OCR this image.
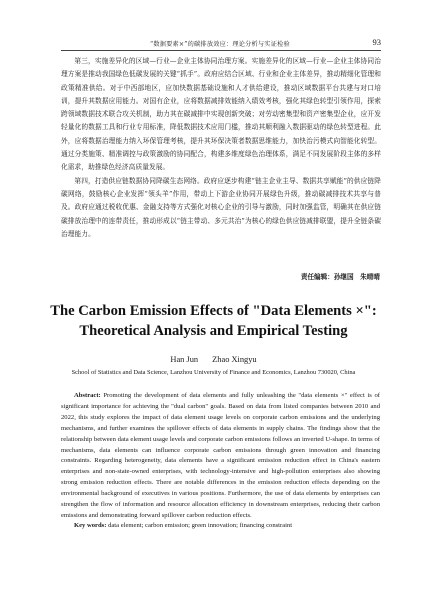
“数据要素×”的碳排放效应：理论分析与实证检验	93

第三，实施差异化的区域—行业—企业主体协同治理方案。实施差异化的区域—行业—企业主体协同治理方案是推动我国绿色低碳发展的关键“抓手”。政府应结合区域、行业和企业主体差异，推动精细化管理和政策精准供给。对于中西部地区，应加快数据基础设施和人才供给建设，推动区域数据平台共建与对口培训，提升其数据应用能力。对国有企业，应将数据减排效能纳入绩效考核，强化其绿色转型引领作用，探索跨领域数据技术联合攻关机制，助力其在碳减排中实现创新突破；对劳动密集型和资产密集型企业，应开发轻量化的数据工具和行业专用标准，降低数据技术应用门槛，推动其顺利融入数据驱动的绿色转型进程。此外，应将数据治理能力纳入环保管理考核，提升其环保决策者数据思维能力，加快治污模式向智能化转型。通过分类施策、精准调控与政策激励的协同配合，构建多维度绿色治理体系，满足不同发展阶段主体的多样化需求，助推绿色经济高质量发展。

第四，打造供应链数据协同降碳生态网络。政府应逐步构建“链主企业主导、数据共享赋能”的供应链降碳网络，鼓励核心企业发挥“领头羊”作用，带动上下游企业协同开展绿色升级，推动碳减排技术共享与普及。政府应通过税收优惠、金融支持等方式强化对核心企业的引导与激励，同时加强监管，明确其在供应链碳排放治理中的连带责任，推动形成以“链主带动、多元共治”为核心的绿色供应链减排联盟，提升全链条碳治理能力。

责任编辑：孙继国　朱晴晴
The Carbon Emission Effects of "Data Elements ×": Theoretical Analysis and Empirical Testing
Han Jun Zhao Xingyu
School of Statistics and Data Science, Lanzhou University of Finance and Economics, Lanzhou 730020, China

Abstract: Promoting the development of data elements and fully unleashing the "data elements ×" effect is of significant importance for achieving the "dual carbon" goals. Based on data from listed companies between 2010 and 2022, this study explores the impact of data element usage levels on corporate carbon emissions and the underlying mechanisms, and further examines the spillover effects of data elements in supply chains. The findings show that the relationship between data element usage levels and corporate carbon emissions follows an inverted U-shape. In terms of mechanisms, data elements can influence corporate carbon emissions through green innovation and financing constraints. Regarding heterogeneity, data elements have a significant emission reduction effect in China's eastern enterprises and non-state-owned enterprises, with technology-intensive and high-pollution enterprises also showing strong emission reduction effects. There are notable differences in the emission reduction effects depending on the environmental background of executives in various positions. Furthermore, the use of data elements by enterprises can strengthen the flow of information and resource allocation efficiency in downstream enterprises, reducing their carbon emissions and demonstrating forward spillover carbon reduction effects.

Key words: data element; carbon emission; green innovation; financing constraint
